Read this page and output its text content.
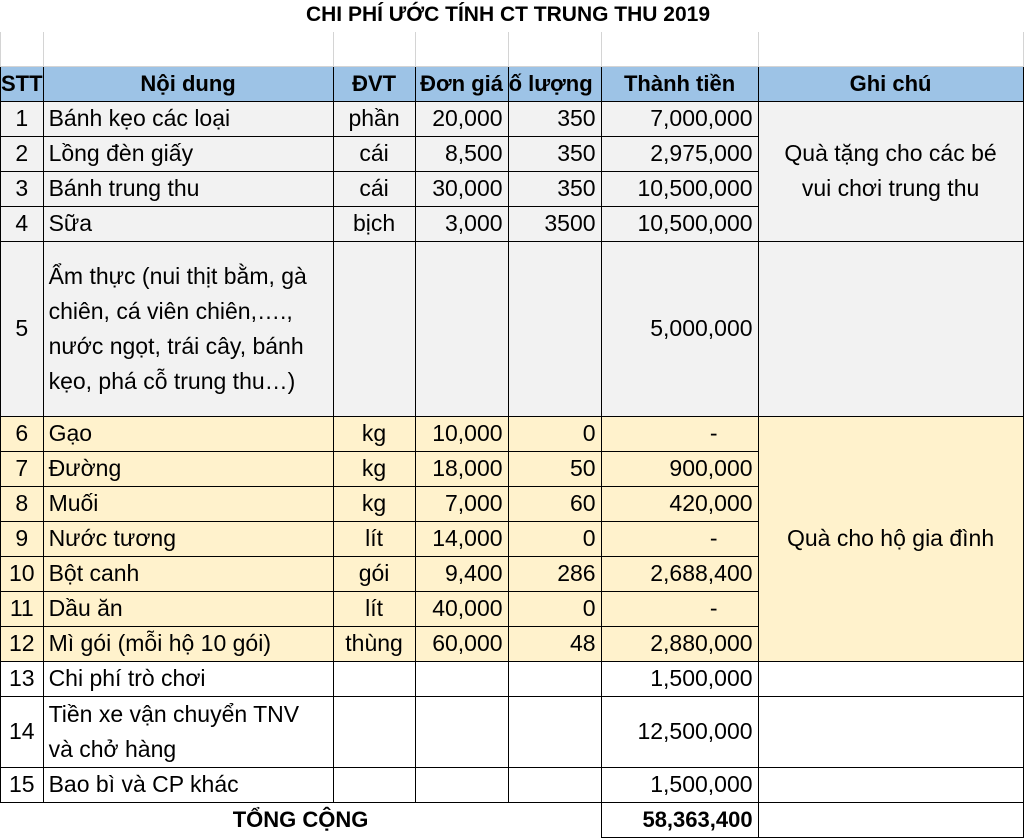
CHI PHÍ ƯỚC TÍNH CT TRUNG THU 2019

STT	Nội dung	ĐVT	Đơn giá	ố lượng	Thành tiền	Ghi chú
1	Bánh kẹo các loại	phần	20,000	350	7,000,000	Quà tặng cho các bé vui chơi trung thu
2	Lồng đèn giấy	cái	8,500	350	2,975,000	
3	Bánh trung thu	cái	30,000	350	10,500,000	
4	Sữa	bịch	3,000	3500	10,500,000	
5	Ẩm thực (nui thịt bằm, gà chiên, cá viên chiên,…., nước ngọt, trái cây, bánh kẹo, phá cỗ trung thu…)				5,000,000	
6	Gạo	kg	10,000	0	-	Quà cho hộ gia đình
7	Đường	kg	18,000	50	900,000	
8	Muối	kg	7,000	60	420,000	
9	Nước tương	lít	14,000	0	-	
10	Bột canh	gói	9,400	286	2,688,400	
11	Dầu ăn	lít	40,000	0	-	
12	Mì gói (mỗi hộ 10 gói)	thùng	60,000	48	2,880,000	
13	Chi phí trò chơi				1,500,000	
14	Tiền xe vận chuyển TNV và chở hàng				12,500,000	
15	Bao bì và CP khác				1,500,000	
TỔNG CỘNG					58,363,400	
